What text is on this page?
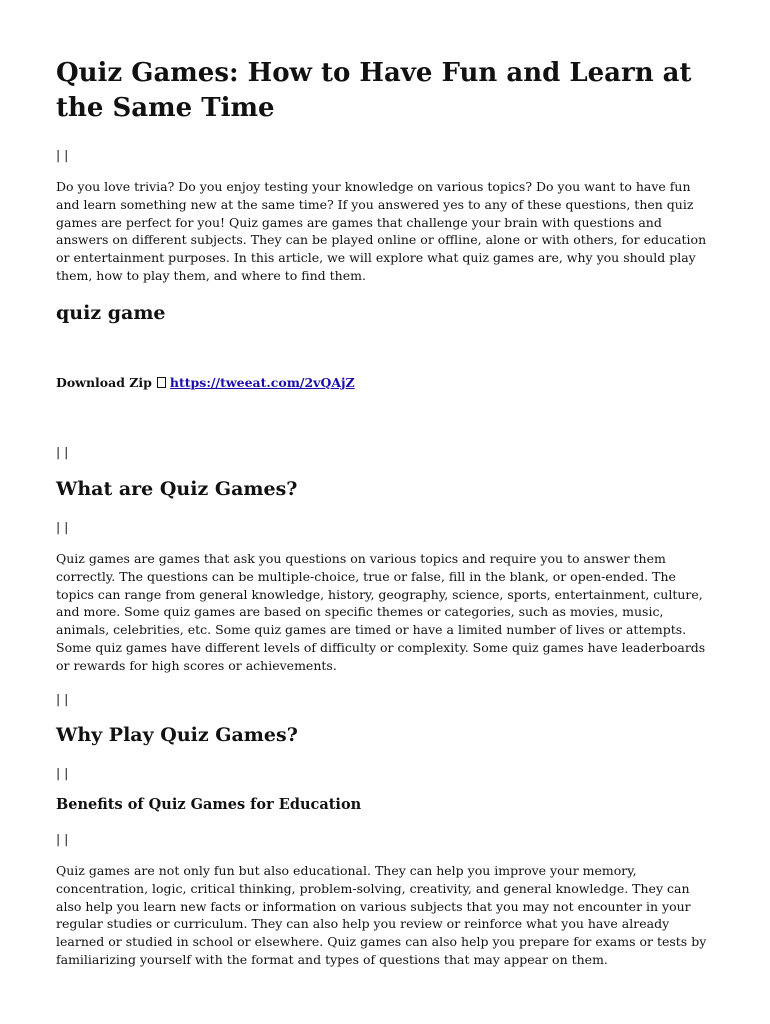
Quiz Games: How to Have Fun and Learn at the Same Time

| |

Do you love trivia? Do you enjoy testing your knowledge on various topics? Do you want to have fun and learn something new at the same time? If you answered yes to any of these questions, then quiz games are perfect for you! Quiz games are games that challenge your brain with questions and answers on different subjects. They can be played online or offline, alone or with others, for education or entertainment purposes. In this article, we will explore what quiz games are, why you should play them, how to play them, and where to find them.

quiz game

Download Zip https://tweeat.com/2vQAjZ

| |

What are Quiz Games?

| |

Quiz games are games that ask you questions on various topics and require you to answer them correctly. The questions can be multiple-choice, true or false, fill in the blank, or open-ended. The topics can range from general knowledge, history, geography, science, sports, entertainment, culture, and more. Some quiz games are based on specific themes or categories, such as movies, music, animals, celebrities, etc. Some quiz games are timed or have a limited number of lives or attempts. Some quiz games have different levels of difficulty or complexity. Some quiz games have leaderboards or rewards for high scores or achievements.

| |

Why Play Quiz Games?

| |

Benefits of Quiz Games for Education

| |

Quiz games are not only fun but also educational. They can help you improve your memory, concentration, logic, critical thinking, problem-solving, creativity, and general knowledge. They can also help you learn new facts or information on various subjects that you may not encounter in your regular studies or curriculum. They can also help you review or reinforce what you have already learned or studied in school or elsewhere. Quiz games can also help you prepare for exams or tests by familiarizing yourself with the format and types of questions that may appear on them.
